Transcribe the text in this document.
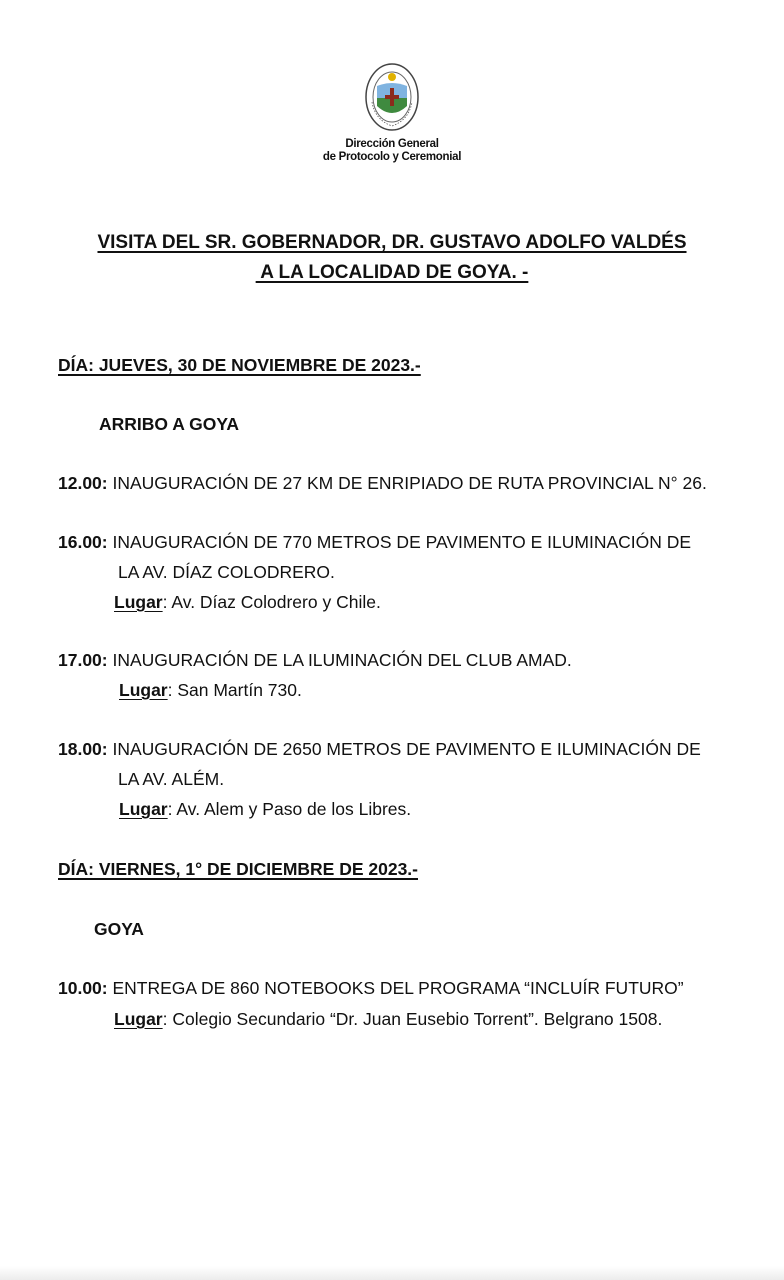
Dirección General
de Protocolo y Ceremonial
VISITA DEL SR. GOBERNADOR, DR. GUSTAVO ADOLFO VALDÉS
A LA LOCALIDAD DE GOYA. -
DÍA: JUEVES, 30 DE NOVIEMBRE DE 2023.-
ARRIBO A GOYA
12.00: INAUGURACIÓN DE 27 KM DE ENRIPIADO DE RUTA PROVINCIAL N° 26.
16.00: INAUGURACIÓN DE 770 METROS DE PAVIMENTO E ILUMINACIÓN DE
LA AV. DÍAZ COLODRERO.
Lugar: Av. Díaz Colodrero y Chile.
17.00: INAUGURACIÓN DE LA ILUMINACIÓN DEL CLUB AMAD.
Lugar: San Martín 730.
18.00: INAUGURACIÓN DE 2650 METROS DE PAVIMENTO E ILUMINACIÓN DE
LA AV. ALÉM.
Lugar: Av. Alem y Paso de los Libres.
DÍA: VIERNES, 1° DE DICIEMBRE DE 2023.-
GOYA
10.00: ENTREGA DE 860 NOTEBOOKS DEL PROGRAMA “INCLUÍR FUTURO”
Lugar: Colegio Secundario “Dr. Juan Eusebio Torrent”. Belgrano 1508.
